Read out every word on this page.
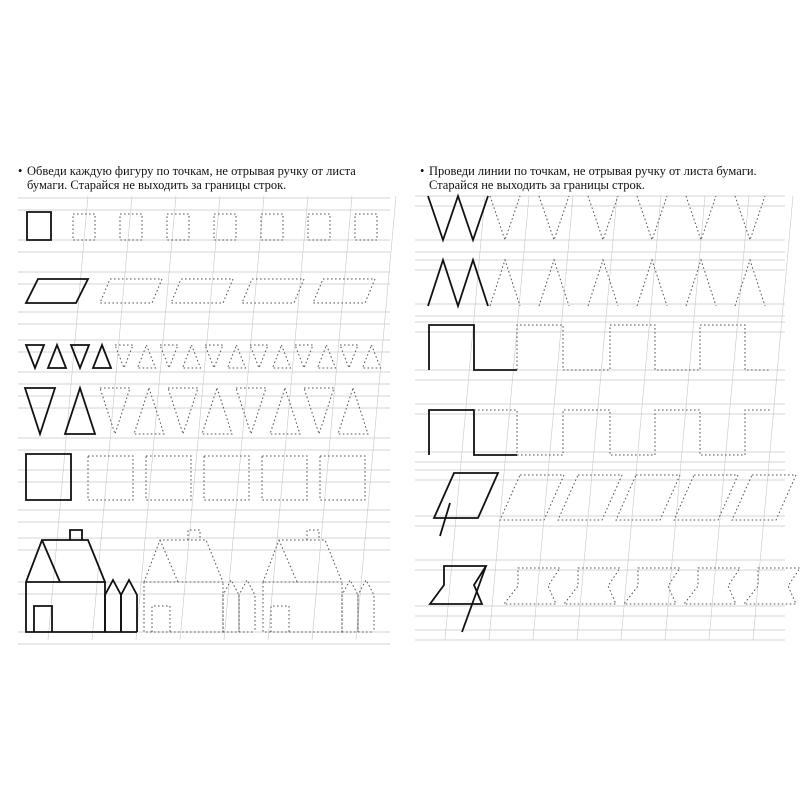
• Обведи каждую фигуру по точкам, не отрывая ручку от листа
бумаги. Старайся не выходить за границы строк.

• Проведи линии по точкам, не отрывая ручку от листа бумаги.
Старайся не выходить за границы строк.
